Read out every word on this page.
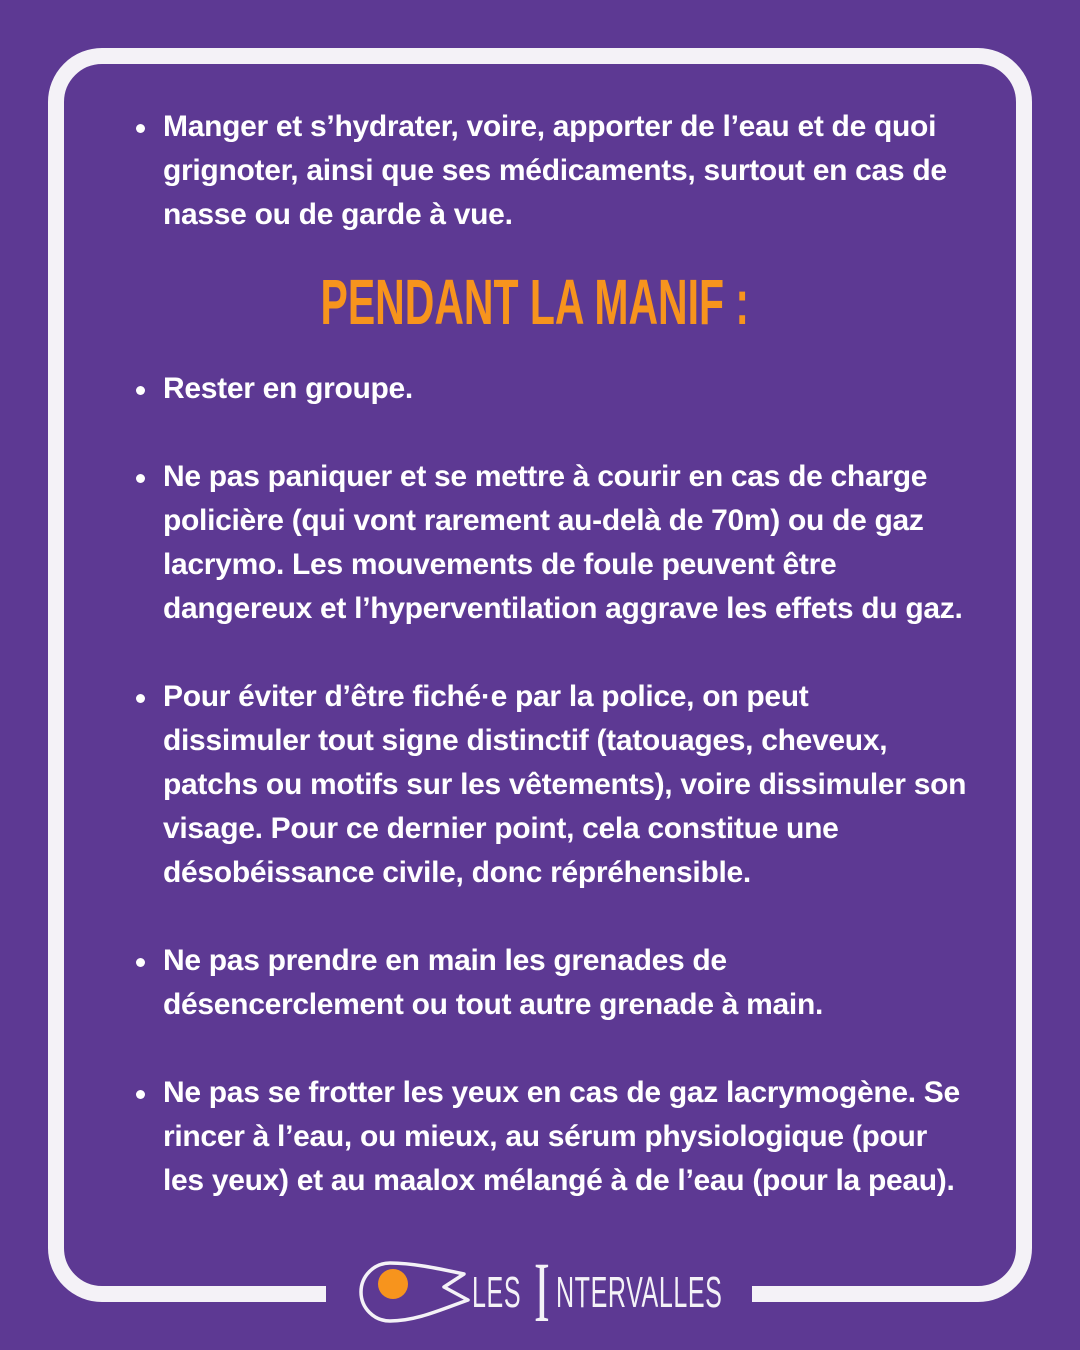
Manger et s’hydrater, voire, apporter de l’eau et de quoi
grignoter, ainsi que ses médicaments, surtout en cas de
nasse ou de garde à vue.
PENDANT LA MANIF :
Rester en groupe.
Ne pas paniquer et se mettre à courir en cas de charge
policière (qui vont rarement au-delà de 70m) ou de gaz
lacrymo. Les mouvements de foule peuvent être
dangereux et l’hyperventilation aggrave les effets du gaz.
Pour éviter d’être fiché·e par la police, on peut
dissimuler tout signe distinctif (tatouages, cheveux,
patchs ou motifs sur les vêtements), voire dissimuler son
visage. Pour ce dernier point, cela constitue une
désobéissance civile, donc répréhensible.
Ne pas prendre en main les grenades de
désencerclement ou tout autre grenade à main.
Ne pas se frotter les yeux en cas de gaz lacrymogène. Se
rincer à l’eau, ou mieux, au sérum physiologique (pour
les yeux) et au maalox mélangé à de l’eau (pour la peau).
LES I NTERVALLES
